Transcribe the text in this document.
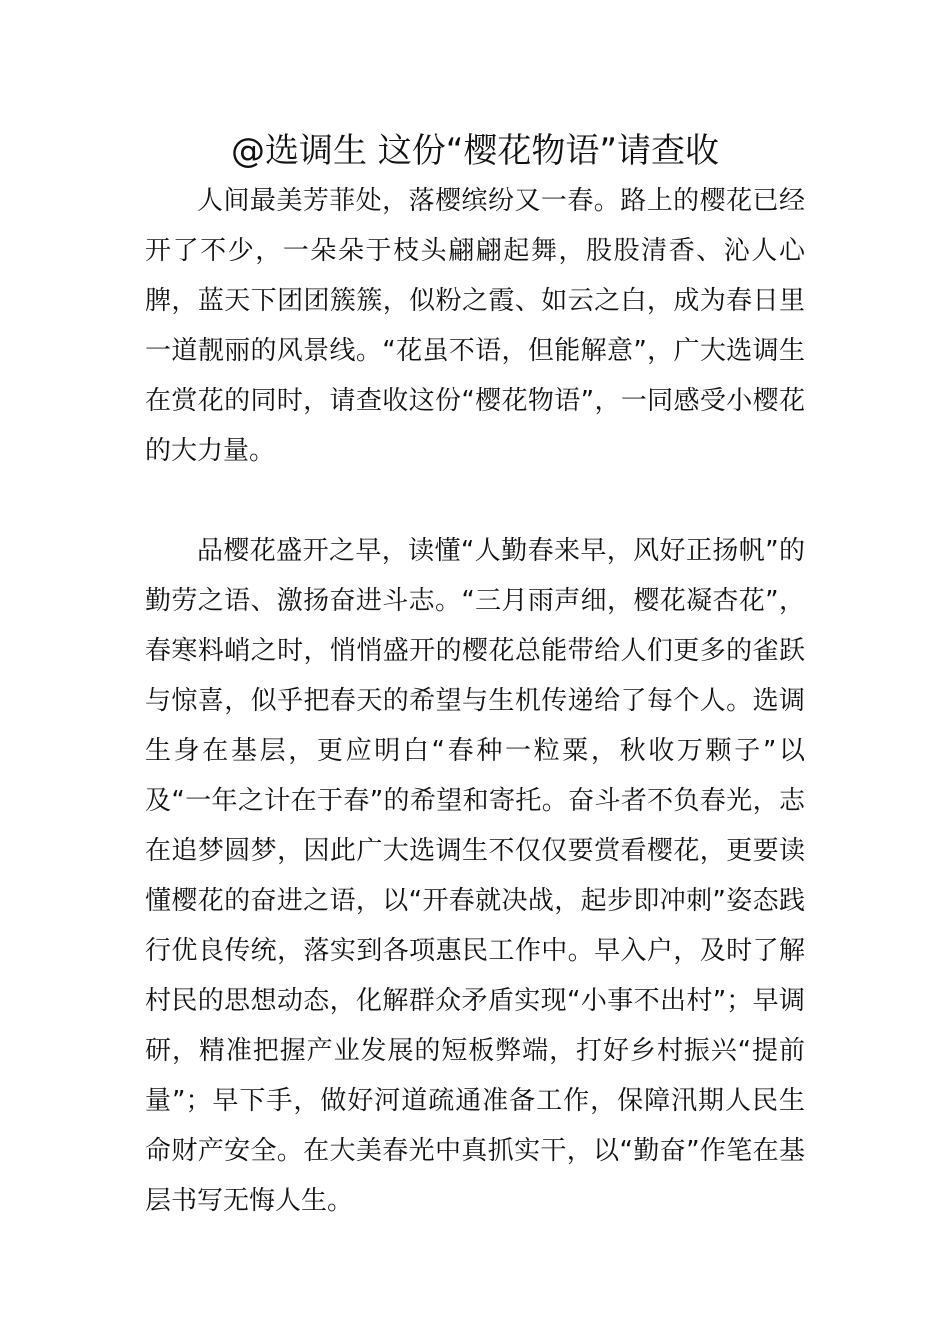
@选调生 这份“樱花物语”请查收

人间最美芳菲处，落樱缤纷又一春。路上的樱花已经开了不少，一朵朵于枝头翩翩起舞，股股清香、沁人心脾，蓝天下团团簇簇，似粉之霞、如云之白，成为春日里一道靓丽的风景线。“花虽不语，但能解意”，广大选调生在赏花的同时，请查收这份“樱花物语”，一同感受小樱花的大力量。

品樱花盛开之早，读懂“人勤春来早，风好正扬帆”的勤劳之语、激扬奋进斗志。“三月雨声细，樱花凝杏花”，春寒料峭之时，悄悄盛开的樱花总能带给人们更多的雀跃与惊喜，似乎把春天的希望与生机传递给了每个人。选调生身在基层，更应明白“春种一粒粟，秋收万颗子”以及“一年之计在于春”的希望和寄托。奋斗者不负春光，志在追梦圆梦，因此广大选调生不仅仅要赏看樱花，更要读懂樱花的奋进之语，以“开春就决战，起步即冲刺”姿态践行优良传统，落实到各项惠民工作中。早入户，及时了解村民的思想动态，化解群众矛盾实现“小事不出村”；早调研，精准把握产业发展的短板弊端，打好乡村振兴“提前量”；早下手，做好河道疏通准备工作，保障汛期人民生命财产安全。在大美春光中真抓实干，以“勤奋”作笔在基层书写无悔人生。
